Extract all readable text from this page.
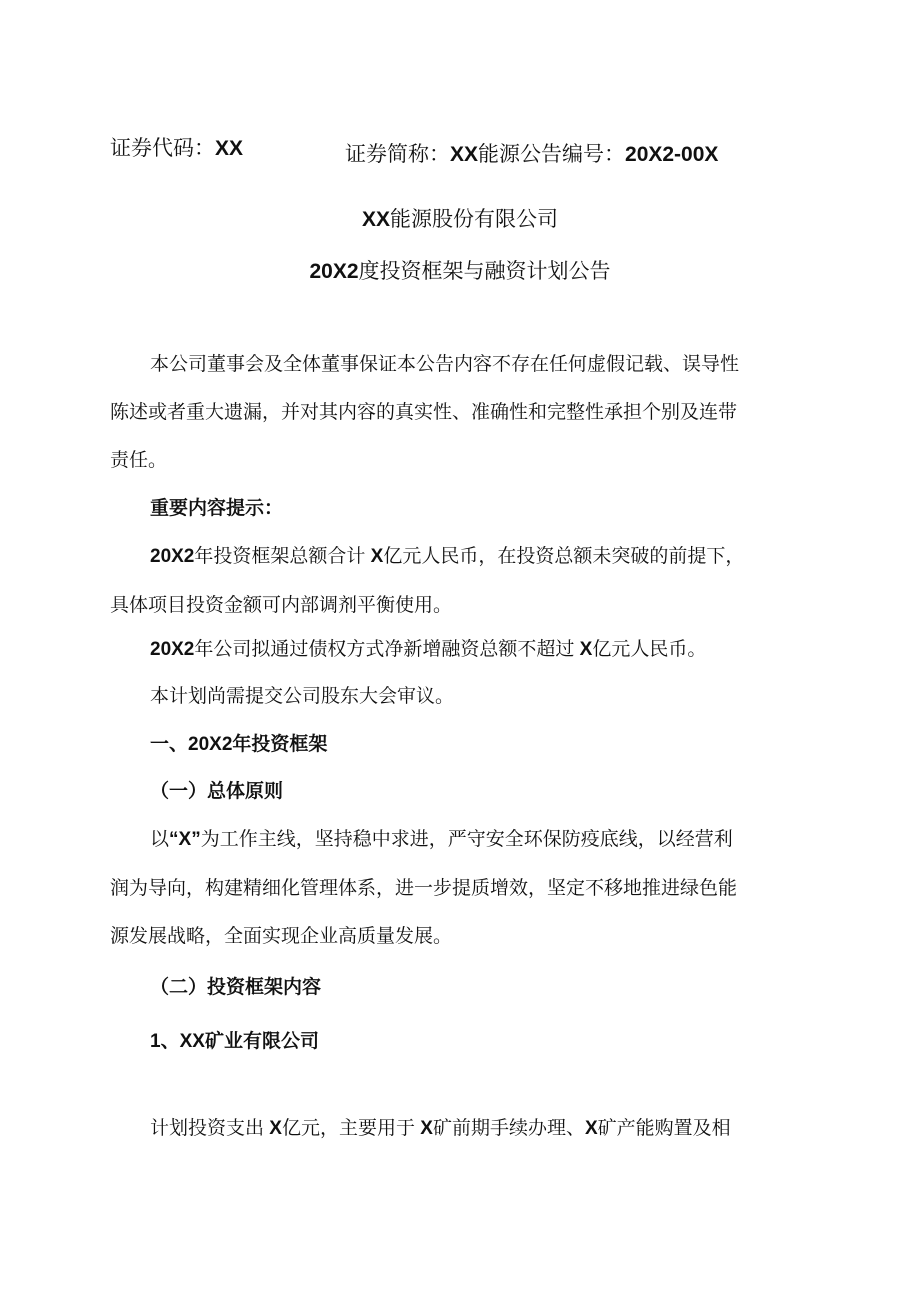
证券代码：XX	证券简称：XX能源公告编号：20X2-00X
XX能源股份有限公司
20X2度投资框架与融资计划公告
本公司董事会及全体董事保证本公告内容不存在任何虚假记载、误导性
陈述或者重大遗漏，并对其内容的真实性、准确性和完整性承担个别及连带
责任。
重要内容提示：
20X2年投资框架总额合计 X亿元人民币，在投资总额未突破的前提下，
具体项目投资金额可内部调剂平衡使用。
20X2年公司拟通过债权方式净新增融资总额不超过 X亿元人民币。
本计划尚需提交公司股东大会审议。
一、20X2年投资框架
（一）总体原则
以“X”为工作主线，坚持稳中求进，严守安全环保防疫底线，以经营利
润为导向，构建精细化管理体系，进一步提质增效，坚定不移地推进绿色能
源发展战略，全面实现企业高质量发展。
（二）投资框架内容
1、XX矿业有限公司
计划投资支出 X亿元，主要用于 X矿前期手续办理、X矿产能购置及相
